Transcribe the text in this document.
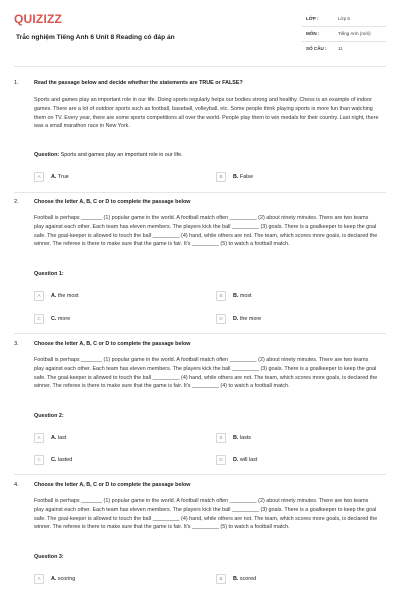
QUIZIZZ
Trắc nghiệm Tiếng Anh 6 Unit 8 Reading có đáp án
LỚP :	Lớp 6
MÔN :	Tiếng Anh (mới)
SỐ CÂU : 11
1.	Read the passage below and decide whether the statements are TRUE or FALSE?
Sports and games play an important role in our life. Doing sports regularly helps our bodies strong and healthy. Chess is an example of indoor games. There are a lot of outdoor sports such as football, baseball, volleyball, etc. Some people think playing sports is more fun than watching them on TV. Every year, there are some sports competitions all over the world. People play them to win medals for their country. Last night, there was a small marathon race in New York.
Question: Sports and games play an important role in our life.
A	A. True	B	B. False
2.	Choose the letter A, B, C or D to complete the passage below
Football is perhaps _______ (1) popular game in the world. A football match often _________ (2) about ninety minutes. There are two teams play against each other. Each team has eleven members. The players kick the ball _________ (3) goals. There is a goalkeeper to keep the goal safe. The goal-keeper is allowed to touch the ball _________ (4) hand, while others are not. The team, which scores more goals, is declared the winner. The referee is there to make sure that the game is fair. It's _________ (5) to watch a football match.
Question 1:
A	A. the most	B	B. most
C	C. more	D	D. the more
3.	Choose the letter A, B, C or D to complete the passage below
Football is perhaps _______ (1) popular game in the world. A football match often _________ (2) about ninety minutes. There are two teams play against each other. Each team has eleven members. The players kick the ball _________ (3) goals. There is a goalkeeper to keep the goal safe. The goal-keeper is allowed to touch the ball _________ (4) hand, while others are not. The team, which scores more goals, is declared the winner. The referee is there to make sure that the game is fair. It's _________ (4) to watch a football match.
Question 2:
A	A. last	B	B. lasts
C	C. lasted	D	D. will last
4.	Choose the letter A, B, C or D to complete the passage below
Football is perhaps _______ (1) popular game in the world. A football match often _________ (2) about ninety minutes. There are two teams play against each other. Each team has eleven members. The players kick the ball _________ (3) goals. There is a goalkeeper to keep the goal safe. The goal-keeper is allowed to touch the ball _________ (4) hand, while others are not. The team, which scores more goals, is declared the winner. The referee is there to make sure that the game is fair. It's _________ (5) to watch a football match.
Question 3:
A	A. scoring	B	B. scored
